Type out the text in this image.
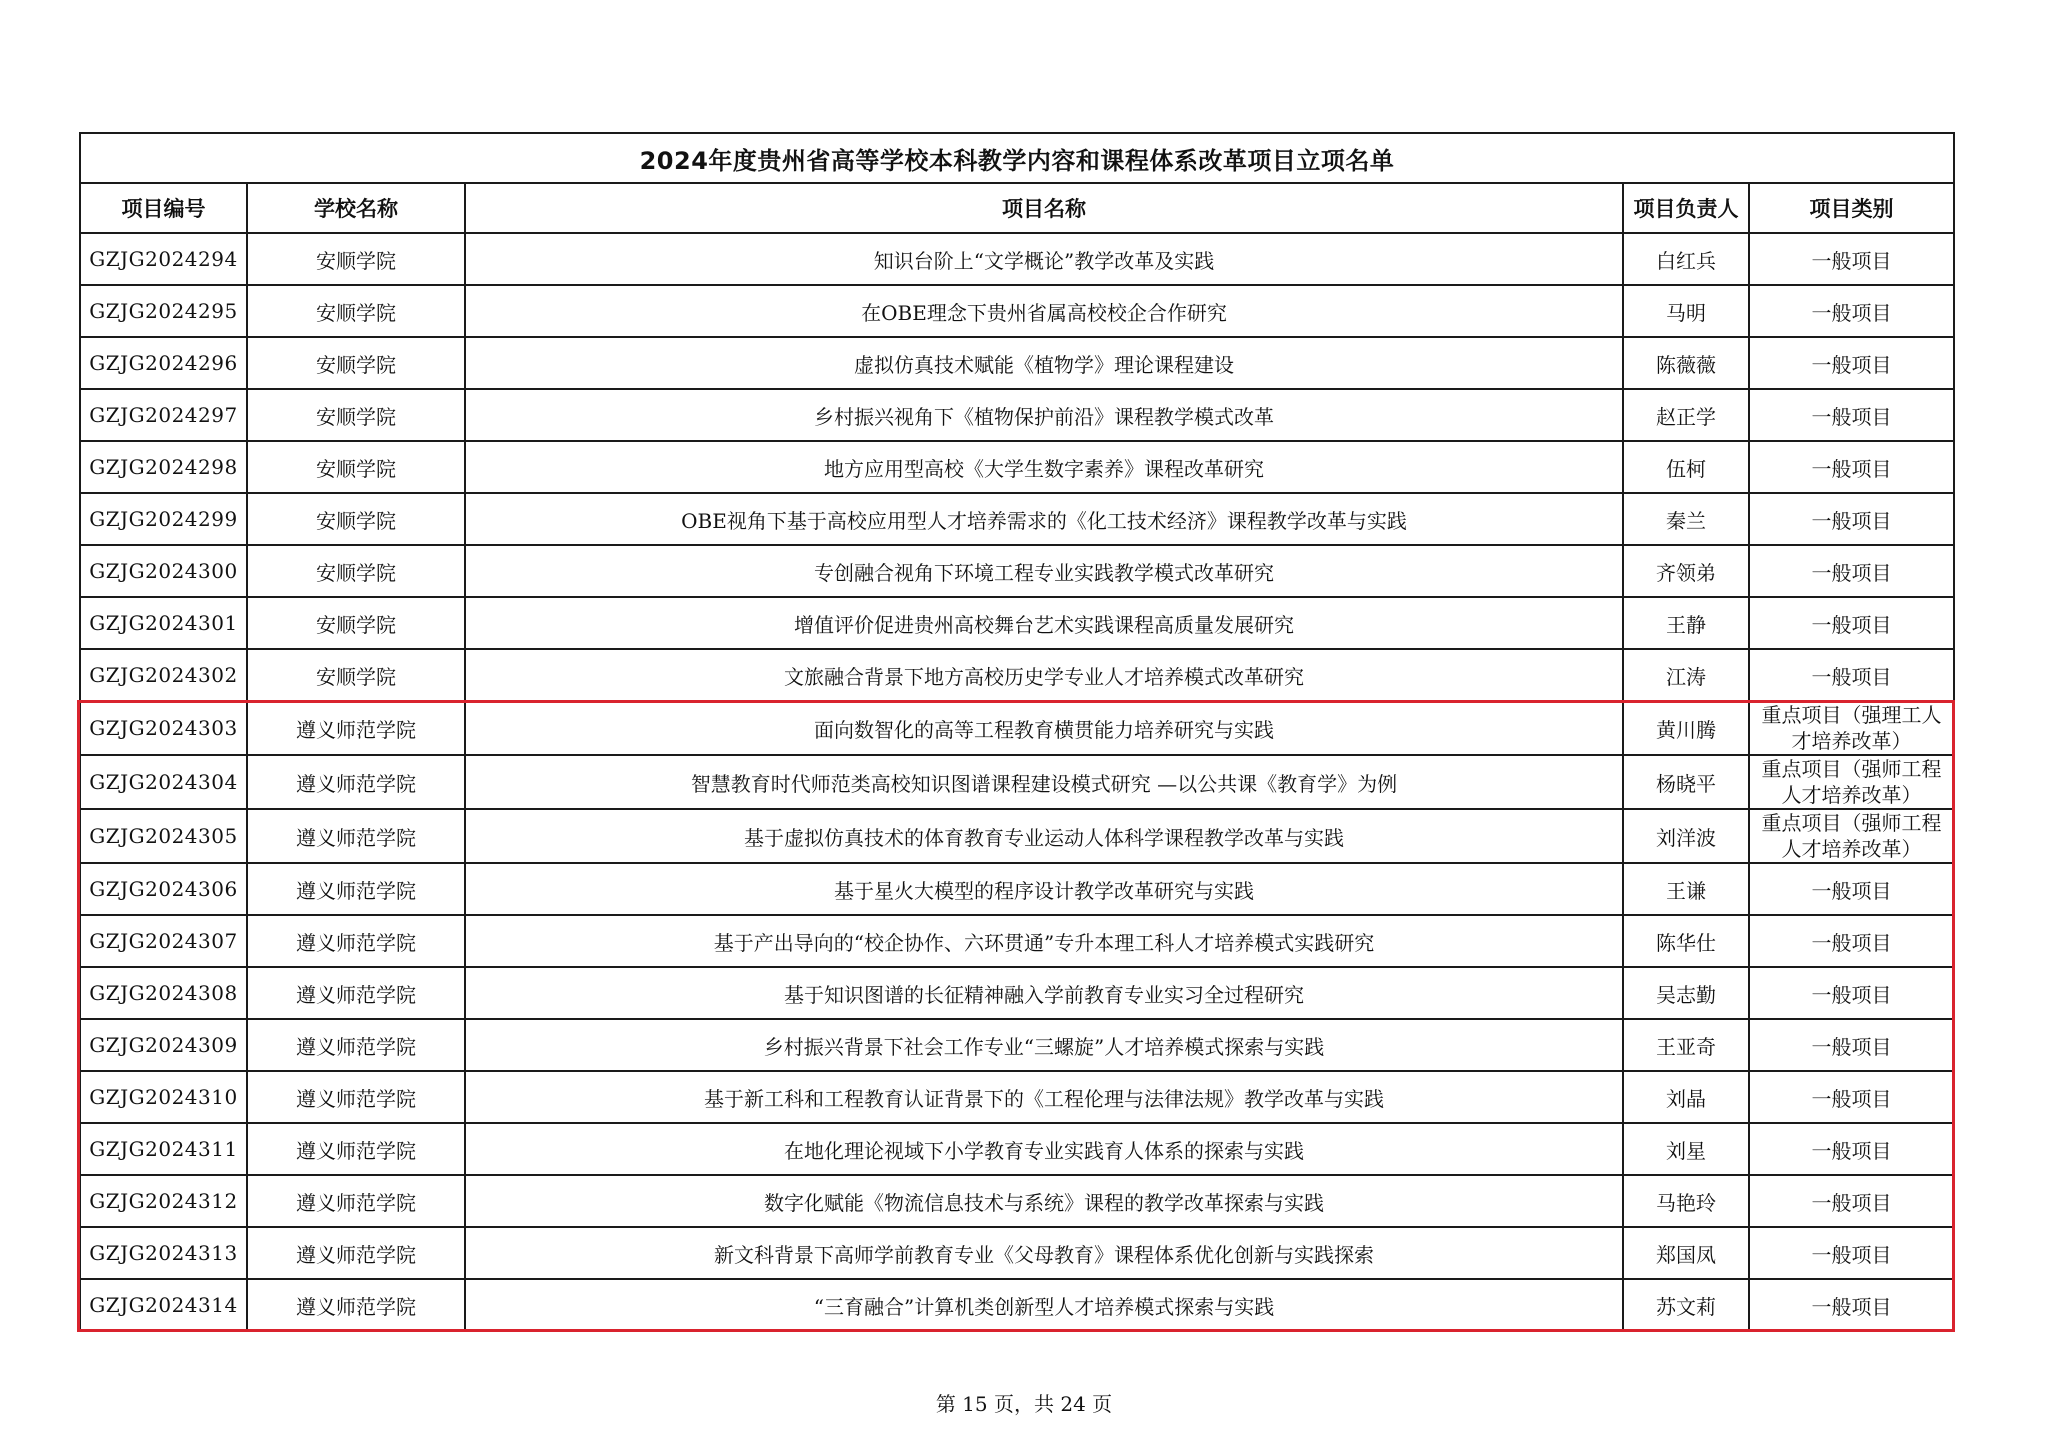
2024年度贵州省高等学校本科教学内容和课程体系改革项目立项名单				
项目编号	学校名称	项目名称	项目负责人	项目类别
GZJG2024294	安顺学院	知识台阶上“文学概论”教学改革及实践	白红兵	一般项目
GZJG2024295	安顺学院	在OBE理念下贵州省属高校校企合作研究	马明	一般项目
GZJG2024296	安顺学院	虚拟仿真技术赋能《植物学》理论课程建设	陈薇薇	一般项目
GZJG2024297	安顺学院	乡村振兴视角下《植物保护前沿》课程教学模式改革	赵正学	一般项目
GZJG2024298	安顺学院	地方应用型高校《大学生数字素养》课程改革研究	伍柯	一般项目
GZJG2024299	安顺学院	OBE视角下基于高校应用型人才培养需求的《化工技术经济》课程教学改革与实践	秦兰	一般项目
GZJG2024300	安顺学院	专创融合视角下环境工程专业实践教学模式改革研究	齐领弟	一般项目
GZJG2024301	安顺学院	增值评价促进贵州高校舞台艺术实践课程高质量发展研究	王静	一般项目
GZJG2024302	安顺学院	文旅融合背景下地方高校历史学专业人才培养模式改革研究	江涛	一般项目
GZJG2024303	遵义师范学院	面向数智化的高等工程教育横贯能力培养研究与实践	黄川腾	重点项目（强理工人才培养改革）
GZJG2024304	遵义师范学院	智慧教育时代师范类高校知识图谱课程建设模式研究 —以公共课《教育学》为例	杨晓平	重点项目（强师工程人才培养改革）
GZJG2024305	遵义师范学院	基于虚拟仿真技术的体育教育专业运动人体科学课程教学改革与实践	刘洋波	重点项目（强师工程人才培养改革）
GZJG2024306	遵义师范学院	基于星火大模型的程序设计教学改革研究与实践	王谦	一般项目
GZJG2024307	遵义师范学院	基于产出导向的“校企协作、六环贯通”专升本理工科人才培养模式实践研究	陈华仕	一般项目
GZJG2024308	遵义师范学院	基于知识图谱的长征精神融入学前教育专业实习全过程研究	吴志勤	一般项目
GZJG2024309	遵义师范学院	乡村振兴背景下社会工作专业“三螺旋”人才培养模式探索与实践	王亚奇	一般项目
GZJG2024310	遵义师范学院	基于新工科和工程教育认证背景下的《工程伦理与法律法规》教学改革与实践	刘晶	一般项目
GZJG2024311	遵义师范学院	在地化理论视域下小学教育专业实践育人体系的探索与实践	刘星	一般项目
GZJG2024312	遵义师范学院	数字化赋能《物流信息技术与系统》课程的教学改革探索与实践	马艳玲	一般项目
GZJG2024313	遵义师范学院	新文科背景下高师学前教育专业《父母教育》课程体系优化创新与实践探索	郑国凤	一般项目
GZJG2024314	遵义师范学院	“三育融合”计算机类创新型人才培养模式探索与实践	苏文莉	一般项目
第 15 页，共 24 页
